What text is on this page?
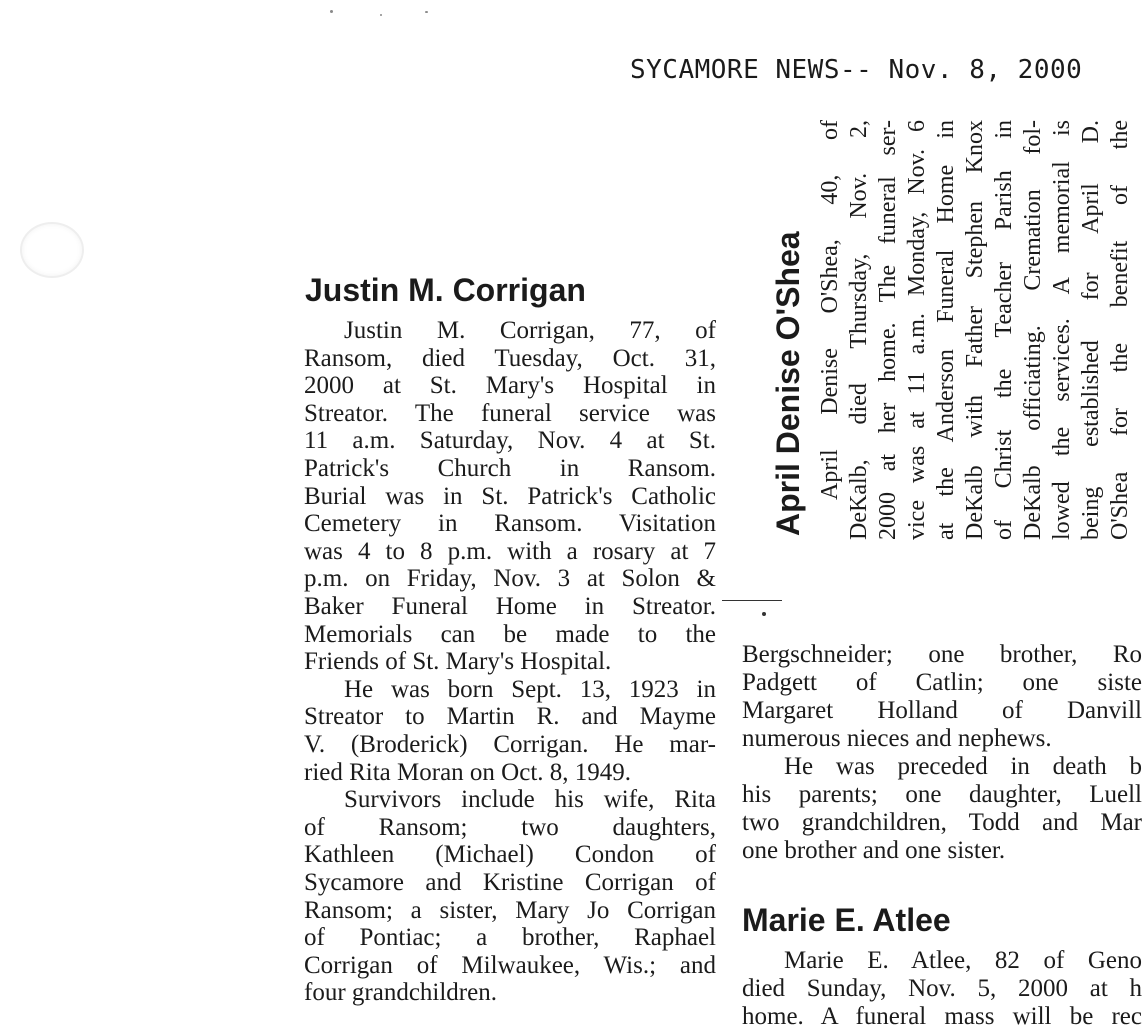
SYCAMORE NEWS-- Nov. 8, 2000
Justin M. Corrigan
Justin M. Corrigan, 77, of
Ransom, died Tuesday, Oct. 31,
2000 at St. Mary's Hospital in
Streator. The funeral service was
11 a.m. Saturday, Nov. 4 at St.
Patrick's Church in Ransom.
Burial was in St. Patrick's Catholic
Cemetery in Ransom. Visitation
was 4 to 8 p.m. with a rosary at 7
p.m. on Friday, Nov. 3 at Solon &
Baker Funeral Home in Streator.
Memorials can be made to the
Friends of St. Mary's Hospital.
He was born Sept. 13, 1923 in
Streator to Martin R. and Mayme
V. (Broderick) Corrigan. He mar-
ried Rita Moran on Oct. 8, 1949.
Survivors include his wife, Rita
of Ransom; two daughters,
Kathleen (Michael) Condon of
Sycamore and Kristine Corrigan of
Ransom; a sister, Mary Jo Corrigan
of Pontiac; a brother, Raphael
Corrigan of Milwaukee, Wis.; and
four grandchildren.
April Denise O'Shea April Denise O'Shea, 40, of DeKalb, died Thursday, Nov. 2, 2000 at her home. The funeral ser- vice was at 11 a.m. Monday, Nov. 6 at the Anderson Funeral Home in DeKalb with Father Stephen Knox of Christ the Teacher Parish in DeKalb officiating. Cremation fol- lowed the services. A memorial is being established for April D. O'Shea for the benefit of the
Bergschneider; one brother, Ro
Padgett of Catlin; one siste
Margaret Holland of Danvill
numerous nieces and nephews.
He was preceded in death b
his parents; one daughter, Luell
two grandchildren, Todd and Mar
one brother and one sister.
Marie E. Atlee
Marie E. Atlee, 82 of Geno
died Sunday, Nov. 5, 2000 at h
home. A funeral mass will be rec
